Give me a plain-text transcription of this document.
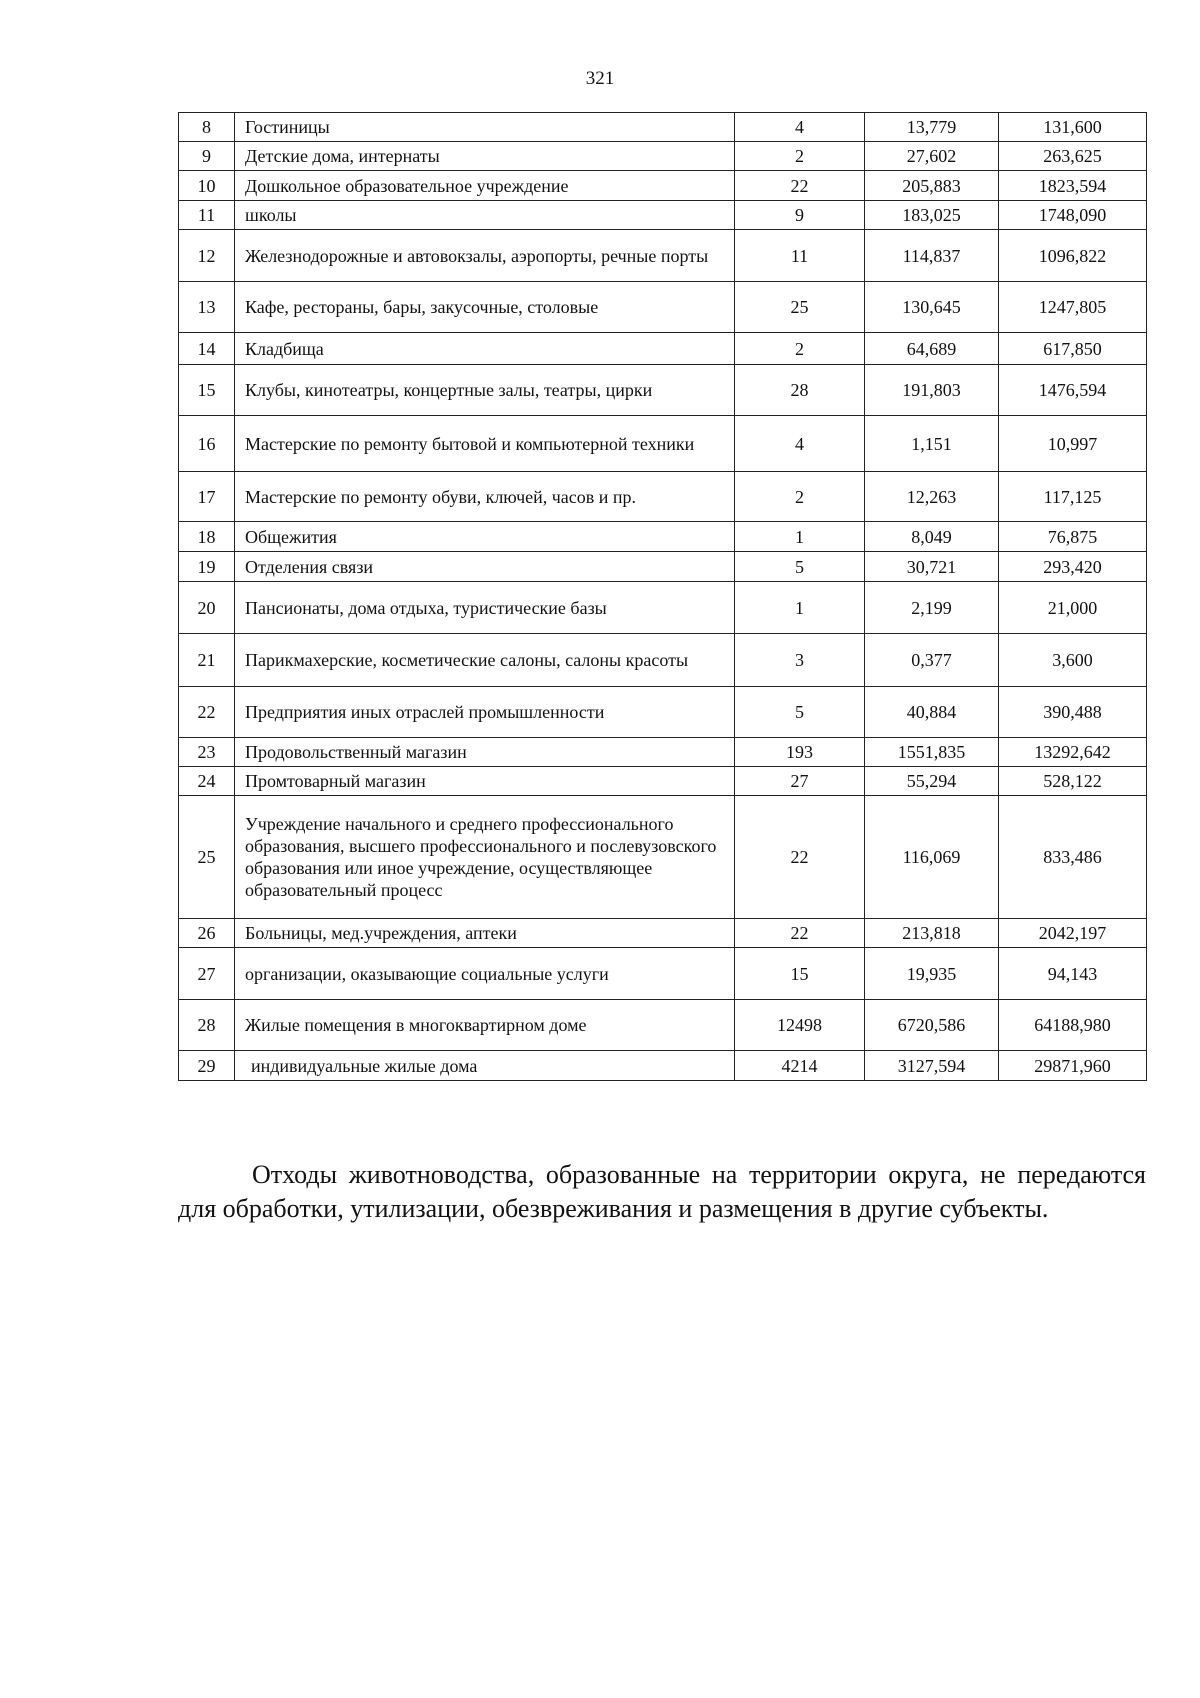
321
8	Гостиницы	4	13,779	131,600
9	Детские дома, интернаты	2	27,602	263,625
10	Дошкольное образовательное учреждение	22	205,883	1823,594
11	школы	9	183,025	1748,090
12	Железнодорожные и автовокзалы, аэропорты, речные порты	11	114,837	1096,822
13	Кафе, рестораны, бары, закусочные, столовые	25	130,645	1247,805
14	Кладбища	2	64,689	617,850
15	Клубы, кинотеатры, концертные залы, театры, цирки	28	191,803	1476,594
16	Мастерские по ремонту бытовой и компьютерной техники	4	1,151	10,997
17	Мастерские по ремонту обуви, ключей, часов и пр.	2	12,263	117,125
18	Общежития	1	8,049	76,875
19	Отделения связи	5	30,721	293,420
20	Пансионаты, дома отдыха, туристические базы	1	2,199	21,000
21	Парикмахерские, косметические салоны, салоны красоты	3	0,377	3,600
22	Предприятия иных отраслей промышленности	5	40,884	390,488
23	Продовольственный магазин	193	1551,835	13292,642
24	Промтоварный магазин	27	55,294	528,122
25	Учреждение начального и среднего профессионального образования, высшего профессионального и послевузовского образования или иное учреждение, осуществляющее образовательный процесс	22	116,069	833,486
26	Больницы, мед.учреждения, аптеки	22	213,818	2042,197
27	организации, оказывающие социальные услуги	15	19,935	94,143
28	Жилые помещения в многоквартирном доме	12498	6720,586	64188,980
29	индивидуальные жилые дома	4214	3127,594	29871,960

Отходы животноводства, образованные на территории округа, не передаются для обработки, утилизации, обезвреживания и размещения в другие субъекты.
